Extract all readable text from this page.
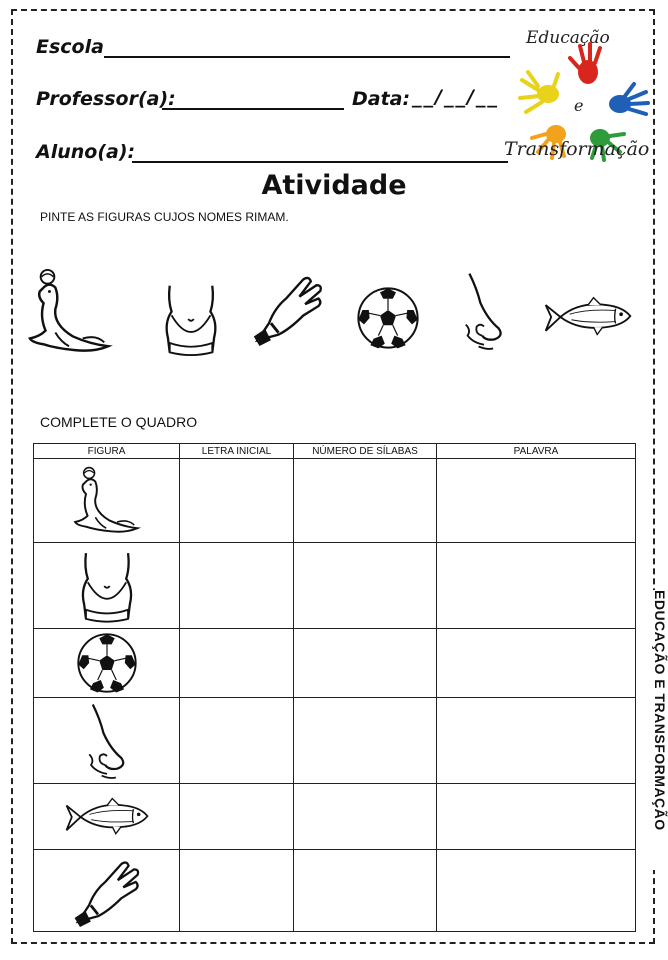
Escola
Professor(a):	Data: __/__/__
Aluno(a):
Educação
e
Transformação
Atividade
PINTE AS FIGURAS CUJOS NOMES RIMAM.
COMPLETE O QUADRO
FIGURA	LETRA INICIAL	NÚMERO DE SÍLABAS	PALAVRA

EDUCAÇÃO E TRANSFORMAÇÃO
